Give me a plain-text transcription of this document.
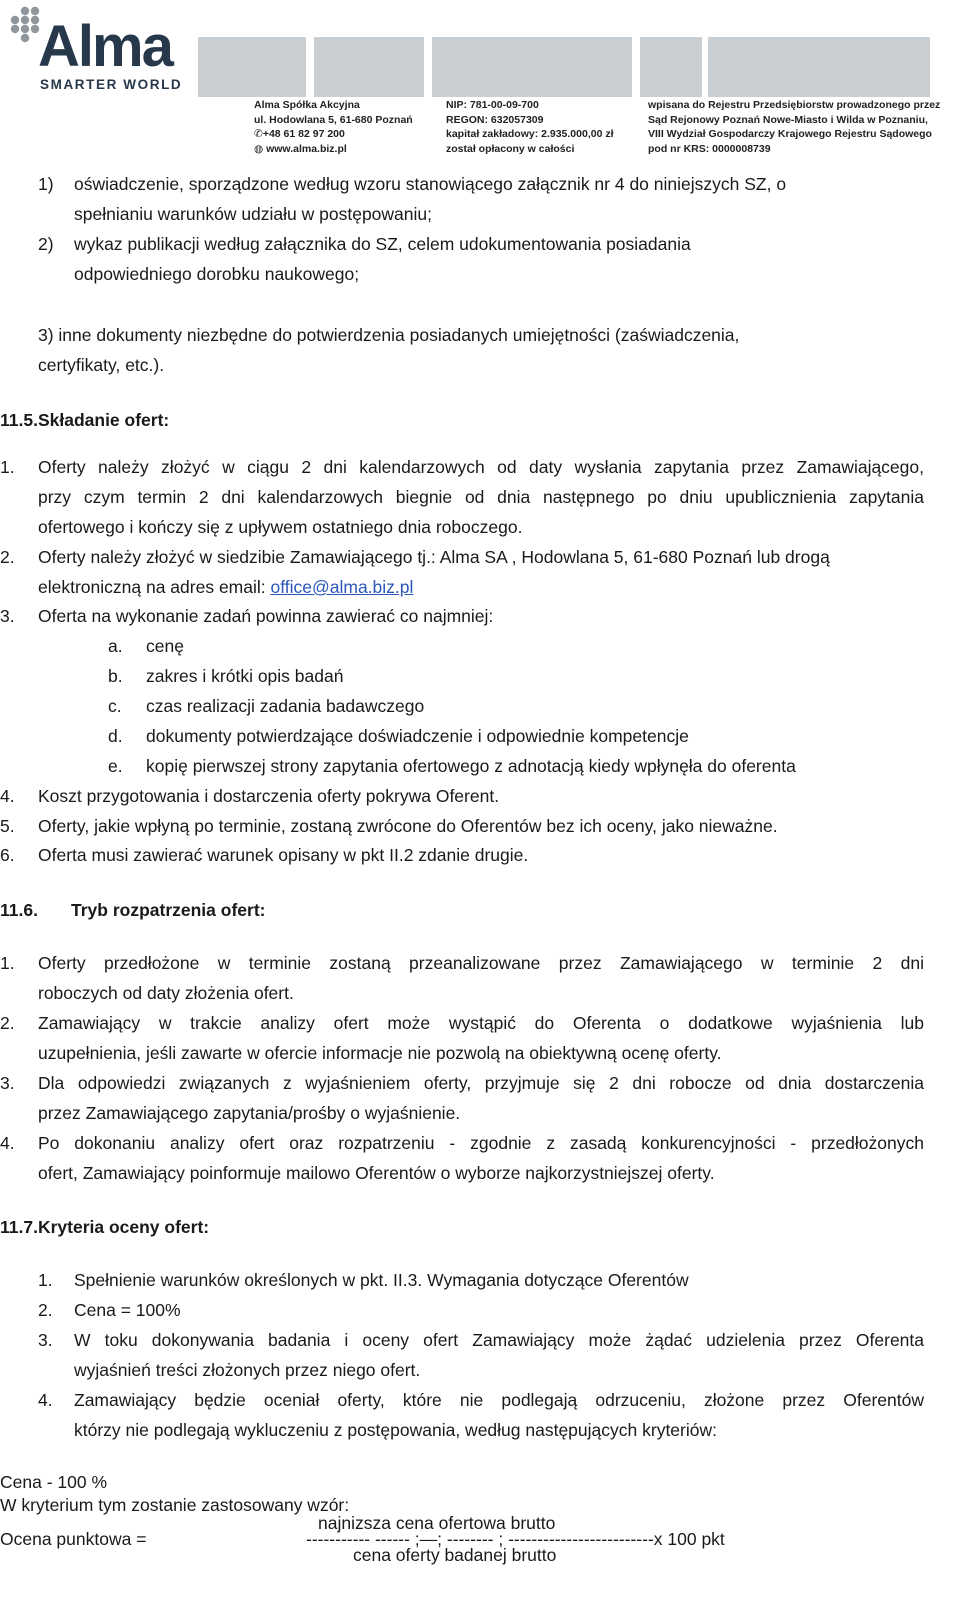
Alma
SMARTER WORLD
Alma Spółka Akcyjna
ul. Hodowlana 5, 61-680 Poznań
✆+48 61 82 97 200
◍ www.alma.biz.pl
NIP: 781-00-09-700
REGON: 632057309
kapitał zakładowy: 2.935.000,00 zł
został opłacony w całości
wpisana do Rejestru Przedsiębiorstw prowadzonego przez
Sąd Rejonowy Poznań Nowe-Miasto i Wilda w Poznaniu,
VIII Wydział Gospodarczy Krajowego Rejestru Sądowego
pod nr KRS: 0000008739
1) oświadczenie, sporządzone według wzoru stanowiącego załącznik nr 4 do niniejszych SZ, o
spełnianiu warunków udziału w postępowaniu;
2) wykaz publikacji według załącznika do SZ, celem udokumentowania posiadania
odpowiedniego dorobku naukowego;
3) inne dokumenty niezbędne do potwierdzenia posiadanych umiejętności (zaświadczenia,
certyfikaty, etc.).
11.5.Składanie ofert:
1. Oferty należy złożyć w ciągu 2 dni kalendarzowych od daty wysłania zapytania przez Zamawiającego,
przy czym termin 2 dni kalendarzowych biegnie od dnia następnego po dniu upublicznienia zapytania
ofertowego i kończy się z upływem ostatniego dnia roboczego.
2. Oferty należy złożyć w siedzibie Zamawiającego tj.: Alma SA , Hodowlana 5, 61-680 Poznań lub drogą
elektroniczną na adres email: office@alma.biz.pl
3. Oferta na wykonanie zadań powinna zawierać co najmniej:
a. cenę
b. zakres i krótki opis badań
c. czas realizacji zadania badawczego
d. dokumenty potwierdzające doświadczenie i odpowiednie kompetencje
e. kopię pierwszej strony zapytania ofertowego z adnotacją kiedy wpłynęła do oferenta
4. Koszt przygotowania i dostarczenia oferty pokrywa Oferent.
5. Oferty, jakie wpłyną po terminie, zostaną zwrócone do Oferentów bez ich oceny, jako nieważne.
6. Oferta musi zawierać warunek opisany w pkt II.2 zdanie drugie.
11.6. Tryb rozpatrzenia ofert:
1. Oferty przedłożone w terminie zostaną przeanalizowane przez Zamawiającego w terminie 2 dni
roboczych od daty złożenia ofert.
2. Zamawiający w trakcie analizy ofert może wystąpić do Oferenta o dodatkowe wyjaśnienia lub
uzupełnienia, jeśli zawarte w ofercie informacje nie pozwolą na obiektywną ocenę oferty.
3. Dla odpowiedzi związanych z wyjaśnieniem oferty, przyjmuje się 2 dni robocze od dnia dostarczenia
przez Zamawiającego zapytania/prośby o wyjaśnienie.
4. Po dokonaniu analizy ofert oraz rozpatrzeniu - zgodnie z zasadą konkurencyjności - przedłożonych
ofert, Zamawiający poinformuje mailowo Oferentów o wyborze najkorzystniejszej oferty.
11.7.Kryteria oceny ofert:
1. Spełnienie warunków określonych w pkt. II.3. Wymagania dotyczące Oferentów
2. Cena = 100%
3. W toku dokonywania badania i oceny ofert Zamawiający może żądać udzielenia przez Oferenta
wyjaśnień treści złożonych przez niego ofert.
4. Zamawiający będzie oceniał oferty, które nie podlegają odrzuceniu, złożone przez Oferentów
którzy nie podlegają wykluczeniu z postępowania, według następujących kryteriów:
Cena - 100 %
W kryterium tym zostanie zastosowany wzór:
najnizsza cena ofertowa brutto
Ocena punktowa =	----------- ------ ;—; -------- ; -------------------------x 100 pkt
cena oferty badanej brutto
